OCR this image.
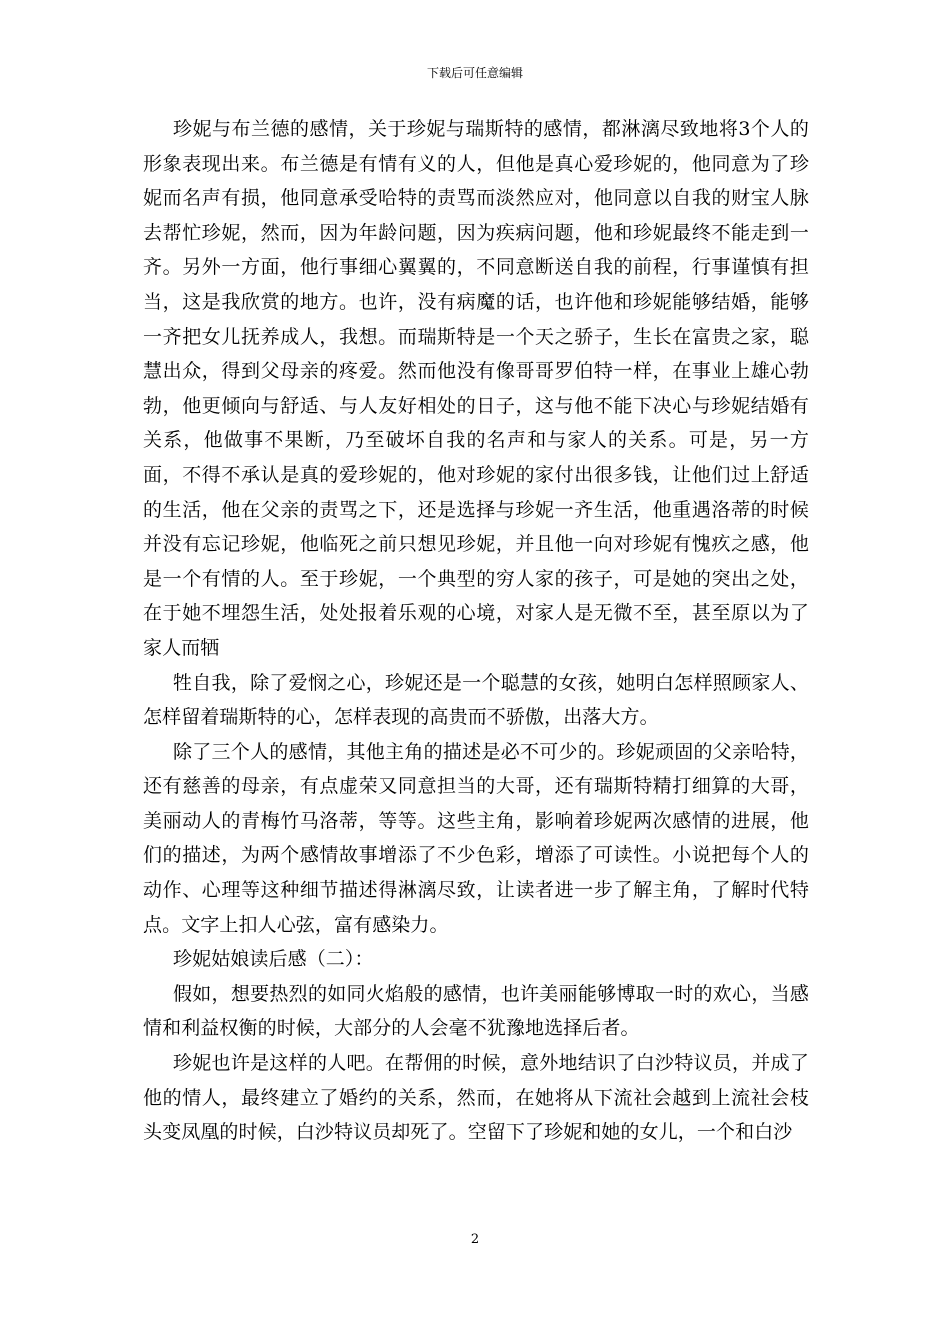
下载后可任意编辑

珍妮与布兰德的感情，关于珍妮与瑞斯特的感情，都淋漓尽致地将3个人的形象表现出来。布兰德是有情有义的人，但他是真心爱珍妮的，他同意为了珍妮而名声有损，他同意承受哈特的责骂而淡然应对，他同意以自我的财宝人脉去帮忙珍妮，然而，因为年龄问题，因为疾病问题，他和珍妮最终不能走到一齐。另外一方面，他行事细心翼翼的，不同意断送自我的前程，行事谨慎有担当，这是我欣赏的地方。也许，没有病魔的话，也许他和珍妮能够结婚，能够一齐把女儿抚养成人，我想。而瑞斯特是一个天之骄子，生长在富贵之家，聪慧出众，得到父母亲的疼爱。然而他没有像哥哥罗伯特一样，在事业上雄心勃勃，他更倾向与舒适、与人友好相处的日子，这与他不能下决心与珍妮结婚有关系，他做事不果断，乃至破坏自我的名声和与家人的关系。可是，另一方面，不得不承认是真的爱珍妮的，他对珍妮的家付出很多钱，让他们过上舒适的生活，他在父亲的责骂之下，还是选择与珍妮一齐生活，他重遇洛蒂的时候并没有忘记珍妮，他临死之前只想见珍妮，并且他一向对珍妮有愧疚之感，他是一个有情的人。至于珍妮，一个典型的穷人家的孩子，可是她的突出之处，在于她不埋怨生活，处处报着乐观的心境，对家人是无微不至，甚至原以为了家人而牺

牲自我，除了爱悯之心，珍妮还是一个聪慧的女孩，她明白怎样照顾家人、怎样留着瑞斯特的心，怎样表现的高贵而不骄傲，出落大方。

除了三个人的感情，其他主角的描述是必不可少的。珍妮顽固的父亲哈特，还有慈善的母亲，有点虚荣又同意担当的大哥，还有瑞斯特精打细算的大哥，美丽动人的青梅竹马洛蒂，等等。这些主角，影响着珍妮两次感情的进展，他们的描述，为两个感情故事增添了不少色彩，增添了可读性。小说把每个人的动作、心理等这种细节描述得淋漓尽致，让读者进一步了解主角，了解时代特点。文字上扣人心弦，富有感染力。

珍妮姑娘读后感（二）：

假如，想要热烈的如同火焰般的感情，也许美丽能够博取一时的欢心，当感情和利益权衡的时候，大部分的人会毫不犹豫地选择后者。

珍妮也许是这样的人吧。在帮佣的时候，意外地结识了白沙特议员，并成了他的情人，最终建立了婚约的关系，然而，在她将从下流社会越到上流社会枝头变凤凰的时候，白沙特议员却死了。空留下了珍妮和她的女儿，一个和白沙

2
